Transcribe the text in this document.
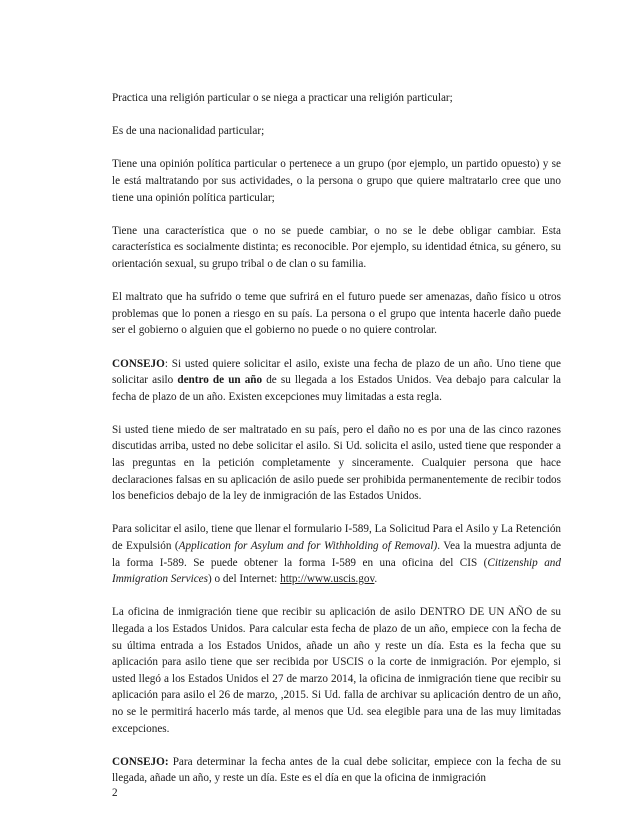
Practica una religión particular o se niega a practicar una religión particular;

Es de una nacionalidad particular;

Tiene una opinión política particular o pertenece a un grupo (por ejemplo, un partido opuesto) y se le está maltratando por sus actividades, o la persona o grupo que quiere maltratarlo cree que uno tiene una opinión política particular;

Tiene una característica que o no se puede cambiar, o no se le debe obligar cambiar. Esta característica es socialmente distinta; es reconocible. Por ejemplo, su identidad étnica, su género, su orientación sexual, su grupo tribal o de clan o su familia.

El maltrato que ha sufrido o teme que sufrirá en el futuro puede ser amenazas, daño físico u otros problemas que lo ponen a riesgo en su país. La persona o el grupo que intenta hacerle daño puede ser el gobierno o alguien que el gobierno no puede o no quiere controlar.

CONSEJO: Si usted quiere solicitar el asilo, existe una fecha de plazo de un año. Uno tiene que solicitar asilo dentro de un año de su llegada a los Estados Unidos. Vea debajo para calcular la fecha de plazo de un año. Existen excepciones muy limitadas a esta regla.

Si usted tiene miedo de ser maltratado en su país, pero el daño no es por una de las cinco razones discutidas arriba, usted no debe solicitar el asilo. Si Ud. solicita el asilo, usted tiene que responder a las preguntas en la petición completamente y sinceramente. Cualquier persona que hace declaraciones falsas en su aplicación de asilo puede ser prohibida permanentemente de recibir todos los beneficios debajo de la ley de inmigración de las Estados Unidos.

Para solicitar el asilo, tiene que llenar el formulario I-589, La Solicitud Para el Asilo y La Retención de Expulsión (Application for Asylum and for Withholding of Removal). Vea la muestra adjunta de la forma I-589. Se puede obtener la forma I-589 en una oficina del CIS (Citizenship and Immigration Services) o del Internet: http://www.uscis.gov.

La oficina de inmigración tiene que recibir su aplicación de asilo DENTRO DE UN AÑO de su llegada a los Estados Unidos. Para calcular esta fecha de plazo de un año, empiece con la fecha de su última entrada a los Estados Unidos, añade un año y reste un día. Esta es la fecha que su aplicación para asilo tiene que ser recibida por USCIS o la corte de inmigración. Por ejemplo, si usted llegó a los Estados Unidos el 27 de marzo 2014, la oficina de inmigración tiene que recibir su aplicación para asilo el 26 de marzo, ,2015. Si Ud. falla de archivar su aplicación dentro de un año, no se le permitirá hacerlo más tarde, al menos que Ud. sea elegible para una de las muy limitadas excepciones.

CONSEJO: Para determinar la fecha antes de la cual debe solicitar, empiece con la fecha de su llegada, añade un año, y reste un día. Este es el día en que la oficina de inmigración

2
